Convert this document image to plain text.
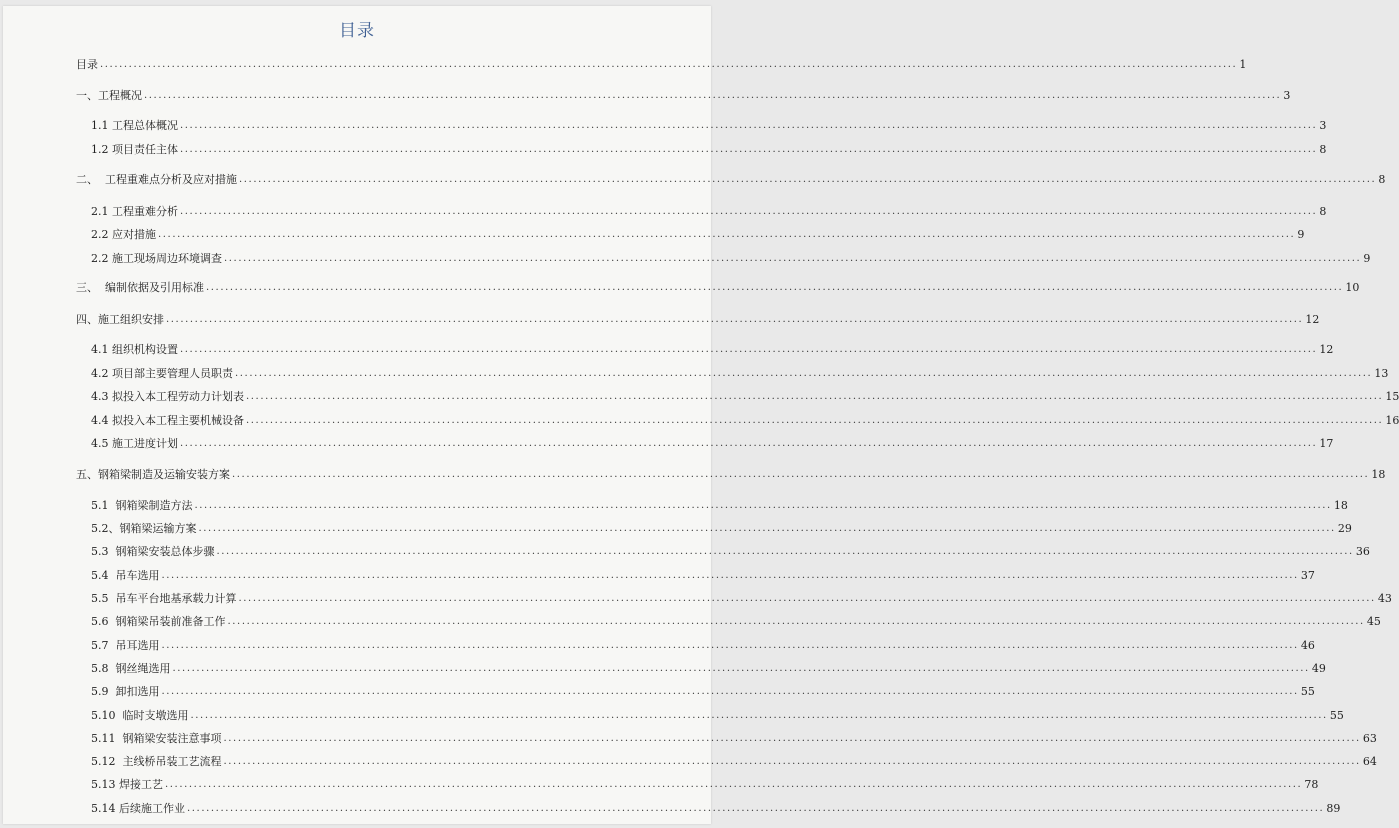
目录
目录 .............................................................................................................................................................................................................................................. 1
一、工程概况 .............................................................................................................................................................................................................................................. 3
1.1 工程总体概况 .............................................................................................................................................................................................................................................. 3
1.2 项目责任主体 .............................................................................................................................................................................................................................................. 8
二、  工程重难点分析及应对措施 .............................................................................................................................................................................................................................................. 8
2.1 工程重难分析 .............................................................................................................................................................................................................................................. 8
2.2 应对措施 .............................................................................................................................................................................................................................................. 9
2.2 施工现场周边环境调查 .............................................................................................................................................................................................................................................. 9
三、  编制依据及引用标准 .............................................................................................................................................................................................................................................. 10
四、施工组织安排 .............................................................................................................................................................................................................................................. 12
4.1 组织机构设置 .............................................................................................................................................................................................................................................. 12
4.2 项目部主要管理人员职责 .............................................................................................................................................................................................................................................. 13
4.3 拟投入本工程劳动力计划表 .............................................................................................................................................................................................................................................. 15
4.4 拟投入本工程主要机械设备 .............................................................................................................................................................................................................................................. 16
4.5 施工进度计划 .............................................................................................................................................................................................................................................. 17
五、钢箱梁制造及运输安装方案 .............................................................................................................................................................................................................................................. 18
5.1  钢箱梁制造方法 .............................................................................................................................................................................................................................................. 18
5.2、钢箱梁运输方案 .............................................................................................................................................................................................................................................. 29
5.3  钢箱梁安装总体步骤 .............................................................................................................................................................................................................................................. 36
5.4  吊车选用 .............................................................................................................................................................................................................................................. 37
5.5  吊车平台地基承载力计算 .............................................................................................................................................................................................................................................. 43
5.6  钢箱梁吊装前准备工作 .............................................................................................................................................................................................................................................. 45
5.7  吊耳选用 .............................................................................................................................................................................................................................................. 46
5.8  钢丝绳选用 .............................................................................................................................................................................................................................................. 49
5.9  卸扣选用 .............................................................................................................................................................................................................................................. 55
5.10  临时支墩选用 .............................................................................................................................................................................................................................................. 55
5.11  钢箱梁安装注意事项 .............................................................................................................................................................................................................................................. 63
5.12  主线桥吊装工艺流程 .............................................................................................................................................................................................................................................. 64
5.13 焊接工艺 .............................................................................................................................................................................................................................................. 78
5.14 后续施工作业 .............................................................................................................................................................................................................................................. 89
